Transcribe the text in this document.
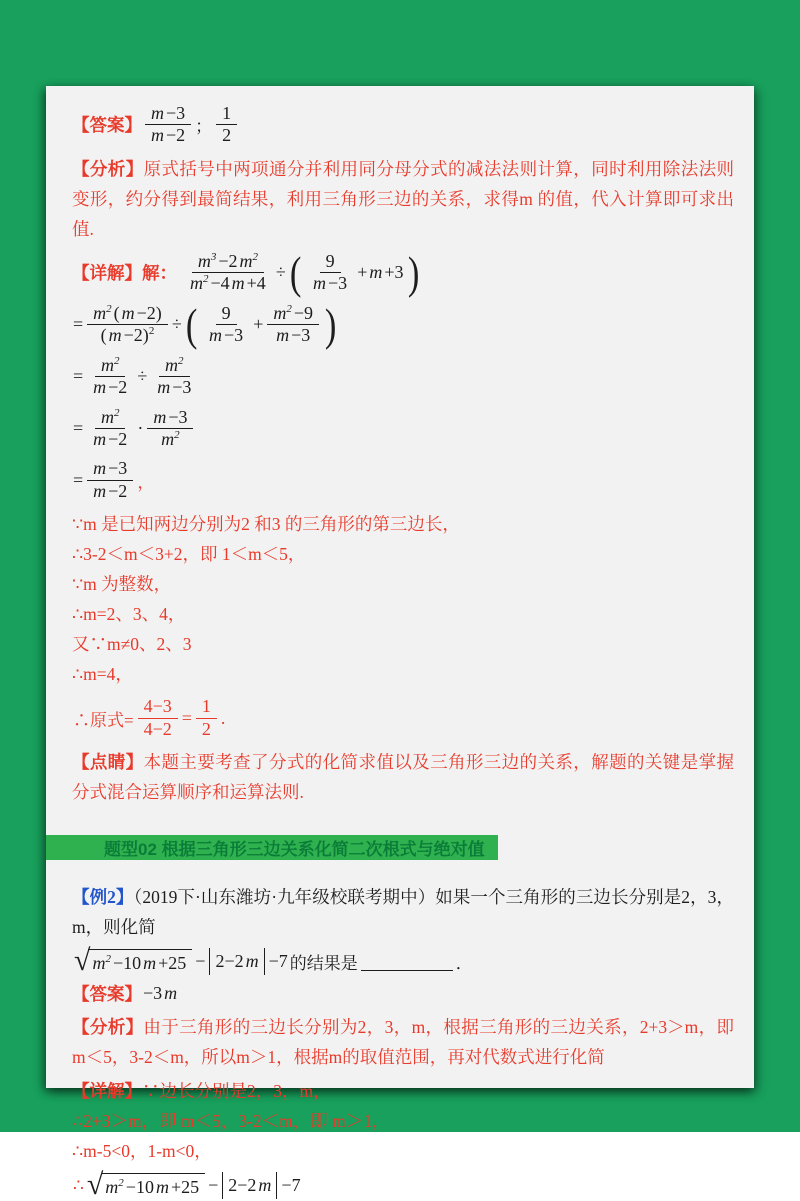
【答案】
m −3
m −2 ；
1
2

【分析】原式括号中两项通分并利用同分母分式的减法法则计算，同时利用除法法则变形，约分得到最简结果，利用三角形三边的关系，求得m 的值，代入计算即可求出值.

【详解】 解： $\frac{m^3 -2 m^2}{m^2 -4 m +4}$ ÷ ( 9
m −3
+ m +3 )
= $\frac{m^2 ( m -2)}{( m -2)^2}$ ÷ ( 9
m −3
+ $\frac{m^2 -9}{m -3}$ )
= $\frac{m^2}{m -2} \div \frac{m^2}{m -3}$
= $\frac{m^2}{m -2}$ ·
m −3
$m^2$
= $\frac{m -3}{m -2}$ ，
∵m 是已知两边分别为2 和3 的三角形的第三边长，
∴3-2＜m＜3+2，即 1＜m＜5，
∵m 为整数，
∴m=2、3、4，
又∵m≠0、2、3
∴m=4，
∴原式= $\frac{4-3}{4-2} = \frac{1}{2}$ .

【点睛】本题主要考查了分式的化简求值以及三角形三边的关系，解题的关键是掌握分式混合运算顺序和运算法则.

题型02 根据三角形三边关系化简二次根式与绝对值

【例2】（2019下·山东潍坊·九年级校联考期中）如果一个三角形的三边长分别是2，3，m，则化简

√ $m^2 -10$ m +25 − 2−2 m −7 的结果是	．
【答案】 −3 m

【分析】由于三角形的三边长分别为2，3，m，根据三角形的三边关系，2+3＞m，即m＜5，3-2＜m，所以m＞1，根据m的取值范围，再对代数式进行化简

【详解】∵边长分别是2，3，m，
∴2+3＞m，即 m＜5，3-2＜m，即 m＞1，
∴m-5<0，1-m<0，
∴ √ $m^2 -10$ m +25 − 2−2 m −7
